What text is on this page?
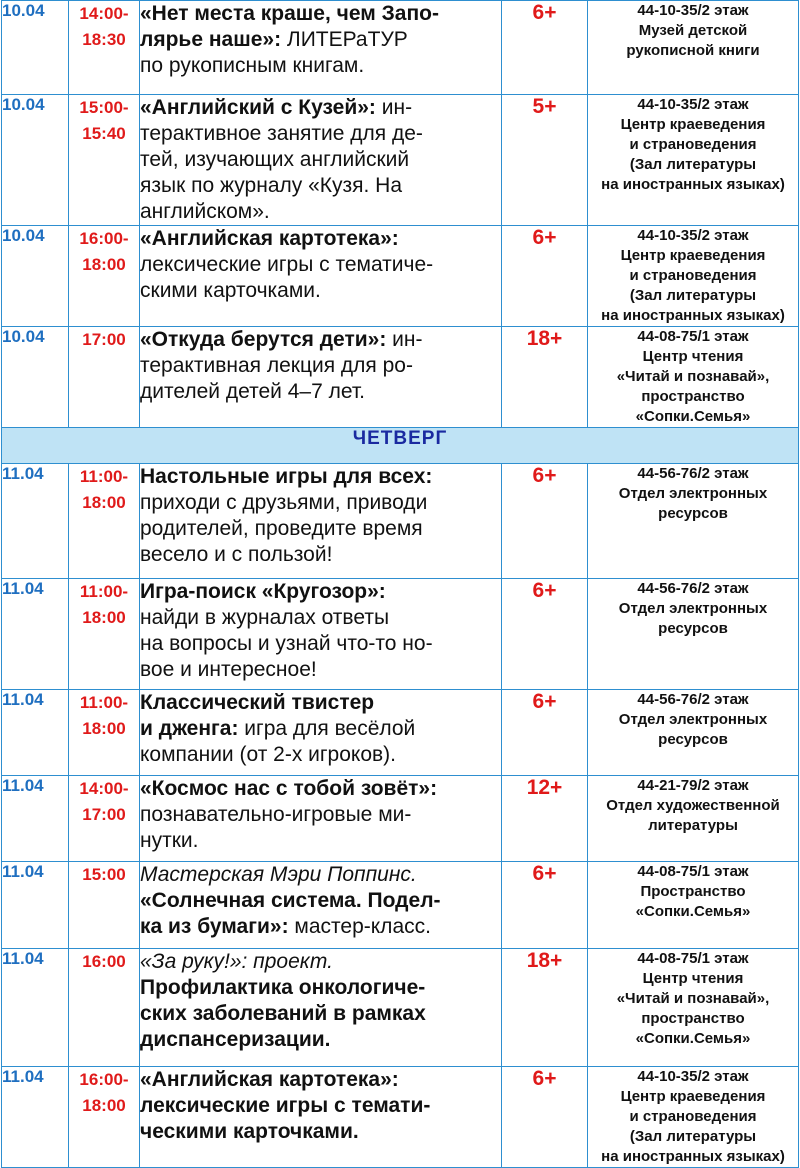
10.04	14:00-
18:30	«Нет места краше, чем Запо-
лярье наше»: ЛИТЕРаТУР
по рукописным книгам.	6+	44-10-35/2 этаж
Музей детской
рукописной книги

10.04	15:00-
15:40	«Английский с Кузей»: ин-
терактивное занятие для де-
тей, изучающих английский
язык по журналу «Кузя. На
английском».	5+	44-10-35/2 этаж
Центр краеведения
и страноведения
(Зал литературы
на иностранных языках)

10.04	16:00-
18:00	«Английская картотека»:
лексические игры с тематиче-
скими карточками.	6+	44-10-35/2 этаж
Центр краеведения
и страноведения
(Зал литературы
на иностранных языках)

10.04	17:00	«Откуда берутся дети»: ин-
терактивная лекция для ро-
дителей детей 4–7 лет.	18+	44-08-75/1 этаж
Центр чтения
«Читай и познавай»,
пространство
«Сопки.Семья»

ЧЕТВЕРГ				
11.04	11:00-
18:00	Настольные игры для всех:
приходи с друзьями, приводи
родителей, проведите время
весело и с пользой!	6+	44-56-76/2 этаж
Отдел электронных
ресурсов

11.04	11:00-
18:00	Игра-поиск «Кругозор»:
найди в журналах ответы
на вопросы и узнай что-то но-
вое и интересное!	6+	44-56-76/2 этаж
Отдел электронных
ресурсов

11.04	11:00-
18:00	Классический твистер
и дженга: игра для весёлой
компании (от 2-х игроков).	6+	44-56-76/2 этаж
Отдел электронных
ресурсов

11.04	14:00-
17:00	«Космос нас с тобой зовёт»:
познавательно-игровые ми-
нутки.	12+	44-21-79/2 этаж
Отдел художественной
литературы

11.04	15:00	Мастерская Мэри Поппинс.
«Солнечная система. Подел-
ка из бумаги»: мастер-класс.	6+	44-08-75/1 этаж
Пространство
«Сопки.Семья»

11.04	16:00	«За руку!»: проект.
Профилактика онкологиче-
ских заболеваний в рамках
диспансеризации.	18+	44-08-75/1 этаж
Центр чтения
«Читай и познавай»,
пространство
«Сопки.Семья»

11.04	16:00-
18:00	«Английская картотека»:
лексические игры с темати-
ческими карточками.	6+	44-10-35/2 этаж
Центр краеведения
и страноведения
(Зал литературы
на иностранных языках)
